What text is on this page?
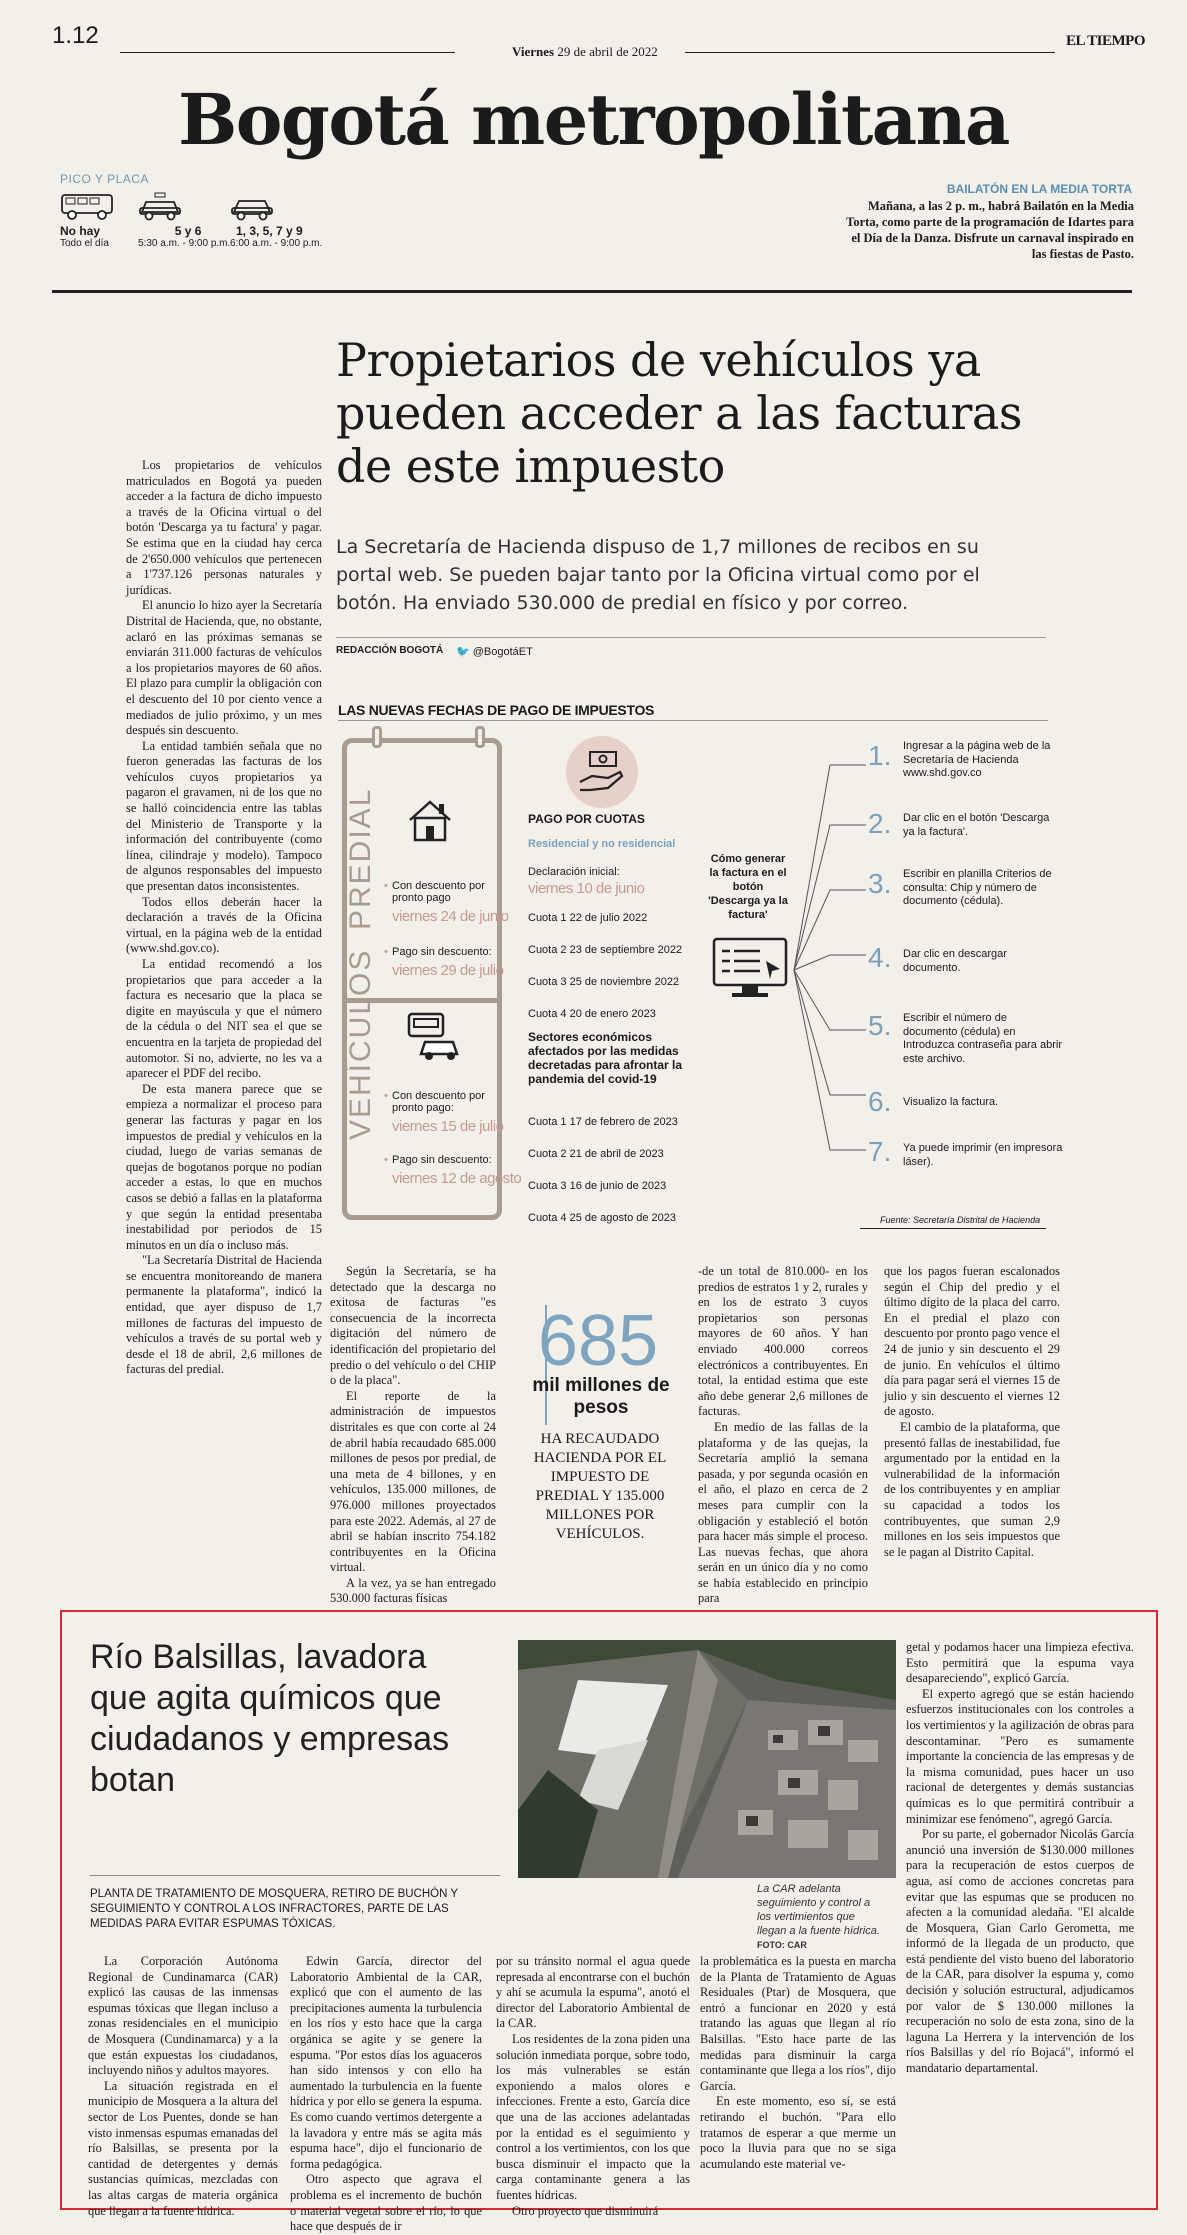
1.12
Viernes 29 de abril de 2022
EL TIEMPO
Bogotá metropolitana
PICO Y PLACA
No hay
Todo el día
5 y 6
5:30 a.m. - 9:00 p.m.
1, 3, 5, 7 y 9
6:00 a.m. - 9:00 p.m.
BAILATÓN EN LA MEDIA TORTA
Mañana, a las 2 p. m., habrá Bailatón en la Media Torta, como parte de la programación de Idartes para el Día de la Danza. Disfrute un carnaval inspirado en las fiestas de Pasto.
Propietarios de vehículos ya pueden acceder a las facturas de este impuesto
La Secretaría de Hacienda dispuso de 1,7 millones de recibos en su portal web. Se pueden bajar tanto por la Oficina virtual como por el botón. Ha enviado 530.000 de predial en físico y por correo.
REDACCIÓN BOGOTÁ 🐦 @BogotáET

Los propietarios de vehículos matriculados en Bogotá ya pueden acceder a la factura de dicho impuesto a través de la Oficina virtual o del botón 'Descarga ya tu factura' y pagar. Se estima que en la ciudad hay cerca de 2'650.000 vehículos que pertenecen a 1'737.126 personas naturales y jurídicas.

El anuncio lo hizo ayer la Secretaría Distrital de Hacienda, que, no obstante, aclaró en las próximas semanas se enviarán 311.000 facturas de vehículos a los propietarios mayores de 60 años. El plazo para cumplir la obligación con el descuento del 10 por ciento vence a mediados de julio próximo, y un mes después sin descuento.

La entidad también señala que no fueron generadas las facturas de los vehículos cuyos propietarios ya pagaron el gravamen, ni de los que no se halló coincidencia entre las tablas del Ministerio de Transporte y la información del contribuyente (como línea, cilindraje y modelo). Tampoco de algunos responsables del impuesto que presentan datos inconsistentes.

Todos ellos deberán hacer la declaración a través de la Oficina virtual, en la página web de la entidad (www.shd.gov.co).

La entidad recomendó a los propietarios que para acceder a la factura es necesario que la placa se digite en mayúscula y que el número de la cédula o del NIT sea el que se encuentra en la tarjeta de propiedad del automotor. Si no, advierte, no les va a aparecer el PDF del recibo.

De esta manera parece que se empieza a normalizar el proceso para generar las facturas y pagar en los impuestos de predial y vehículos en la ciudad, luego de varias semanas de quejas de bogotanos porque no podían acceder a estas, lo que en muchos casos se debió a fallas en la plataforma y que según la entidad presentaba inestabilidad por periodos de 15 minutos en un día o incluso más.

"La Secretaría Distrital de Hacienda se encuentra monitoreando de manera permanente la plataforma", indicó la entidad, que ayer dispuso de 1,7 millones de facturas del impuesto de vehículos a través de su portal web y desde el 18 de abril, 2,6 millones de facturas del predial.

LAS NUEVAS FECHAS DE PAGO DE IMPUESTOS
PREDIAL
VEHÍCULOS
• Con descuento por pronto pago
viernes 24 de junio
• Pago sin descuento:
viernes 29 de julio
• Con descuento por pronto pago:
viernes 15 de julio
• Pago sin descuento:
viernes 12 de agosto
PAGO POR CUOTAS
Residencial y no residencial
Declaración inicial:
viernes 10 de junio
Cuota 1 22 de julio 2022
Cuota 2 23 de septiembre 2022
Cuota 3 25 de noviembre 2022
Cuota 4 20 de enero 2023
Sectores económicos afectados por las medidas decretadas para afrontar la pandemia del covid-19
Cuota 1 17 de febrero de 2023
Cuota 2 21 de abril de 2023
Cuota 3 16 de junio de 2023
Cuota 4 25 de agosto de 2023
Cómo generar la factura en el botón 'Descarga ya la factura'
1. Ingresar a la página web de la Secretaría de Hacienda www.shd.gov.co
2. Dar clic en el botón 'Descarga ya la factura'.
3. Escribir en planilla Criterios de consulta: Chip y número de documento (cédula).
4. Dar clic en descargar documento.
5. Escribir el número de documento (cédula) en Introduzca contraseña para abrir este archivo.
6. Visualizo la factura.
7. Ya puede imprimir (en impresora láser).
Fuente: Secretaría Distrital de Hacienda

Según la Secretaría, se ha detectado que la descarga no exitosa de facturas "es consecuencia de la incorrecta digitación del número de identificación del propietario del predio o del vehículo o del CHIP o de la placa".

El reporte de la administración de impuestos distritales es que con corte al 24 de abril había recaudado 685.000 millones de pesos por predial, de una meta de 4 billones, y en vehículos, 135.000 millones, de 976.000 millones proyectados para este 2022. Además, al 27 de abril se habían inscrito 754.182 contribuyentes en la Oficina virtual.

A la vez, ya se han entregado 530.000 facturas físicas

685
mil millones de pesos
HA RECAUDADO HACIENDA POR EL IMPUESTO DE PREDIAL Y 135.000 MILLONES POR VEHÍCULOS.

-de un total de 810.000- en los predios de estratos 1 y 2, rurales y en los de estrato 3 cuyos propietarios son personas mayores de 60 años. Y han enviado 400.000 correos electrónicos a contribuyentes. En total, la entidad estima que este año debe generar 2,6 millones de facturas.

En medio de las fallas de la plataforma y de las quejas, la Secretaría amplió la semana pasada, y por segunda ocasión en el año, el plazo en cerca de 2 meses para cumplir con la obligación y estableció el botón para hacer más simple el proceso. Las nuevas fechas, que ahora serán en un único día y no como se había establecido en principio para

que los pagos fueran escalonados según el Chip del predio y el último dígito de la placa del carro. En el predial el plazo con descuento por pronto pago vence el 24 de junio y sin descuento el 29 de junio. En vehículos el último día para pagar será el viernes 15 de julio y sin descuento el viernes 12 de agosto.

El cambio de la plataforma, que presentó fallas de inestabilidad, fue argumentado por la entidad en la vulnerabilidad de la información de los contribuyentes y en ampliar su capacidad a todos los contribuyentes, que suman 2,9 millones en los seis impuestos que se le pagan al Distrito Capital.

Río Balsillas, lavadora que agita químicos que ciudadanos y empresas botan
PLANTA DE TRATAMIENTO DE MOSQUERA, RETIRO DE BUCHÓN Y SEGUIMIENTO Y CONTROL A LOS INFRACTORES, PARTE DE LAS MEDIDAS PARA EVITAR ESPUMAS TÓXICAS.
La CAR adelanta seguimiento y control a los vertimientos que llegan a la fuente hídrica. FOTO: CAR

La Corporación Autónoma Regional de Cundinamarca (CAR) explicó las causas de las inmensas espumas tóxicas que llegan incluso a zonas residenciales en el municipio de Mosquera (Cundinamarca) y a la que están expuestas los ciudadanos, incluyendo niños y adultos mayores.

La situación registrada en el municipio de Mosquera a la altura del sector de Los Puentes, donde se han visto inmensas espumas emanadas del río Balsillas, se presenta por la cantidad de detergentes y demás sustancias químicas, mezcladas con las altas cargas de materia orgánica que llegan a la fuente hídrica.

Edwin García, director del Laboratorio Ambiental de la CAR, explicó que con el aumento de las precipitaciones aumenta la turbulencia en los ríos y esto hace que la carga orgánica se agite y se genere la espuma. "Por estos días los aguaceros han sido intensos y con ello ha aumentado la turbulencia en la fuente hídrica y por ello se genera la espuma. Es como cuando vertimos detergente a la lavadora y entre más se agita más espuma hace", dijo el funcionario de forma pedagógica.

Otro aspecto que agrava el problema es el incremento de buchón o material vegetal sobre el río, lo que hace que después de ir

por su tránsito normal el agua quede represada al encontrarse con el buchón y ahí se acumula la espuma", anotó el director del Laboratorio Ambiental de la CAR.

Los residentes de la zona piden una solución inmediata porque, sobre todo, los más vulnerables se están exponiendo a malos olores e infecciones. Frente a esto, García dice que una de las acciones adelantadas por la entidad es el seguimiento y control a los vertimientos, con los que busca disminuir el impacto que la carga contaminante genera a las fuentes hídricas.

Otro proyecto que disminuirá

la problemática es la puesta en marcha de la Planta de Tratamiento de Aguas Residuales (Ptar) de Mosquera, que entró a funcionar en 2020 y está tratando las aguas que llegan al río Balsillas. "Esto hace parte de las medidas para disminuir la carga contaminante que llega a los ríos", dijo García.

En este momento, eso sí, se está retirando el buchón. "Para ello tratamos de esperar a que merme un poco la lluvia para que no se siga acumulando este material ve-

getal y podamos hacer una limpieza efectiva. Esto permitirá que la espuma vaya desapareciendo", explicó García.

El experto agregó que se están haciendo esfuerzos institucionales con los controles a los vertimientos y la agilización de obras para descontaminar. "Pero es sumamente importante la conciencia de las empresas y de la misma comunidad, pues hacer un uso racional de detergentes y demás sustancias químicas es lo que permitirá contribuir a minimizar ese fenómeno", agregó García.

Por su parte, el gobernador Nicolás García anunció una inversión de $130.000 millones para la recuperación de estos cuerpos de agua, así como de acciones concretas para evitar que las espumas que se producen no afecten a la comunidad aledaña. "El alcalde de Mosquera, Gian Carlo Gerometta, me informó de la llegada de un producto, que está pendiente del visto bueno del laboratorio de la CAR, para disolver la espuma y, como decisión y solución estructural, adjudicamos por valor de $ 130.000 millones la recuperación no solo de esta zona, sino de la laguna La Herrera y la intervención de los ríos Balsillas y del río Bojacá", informó el mandatario departamental.
